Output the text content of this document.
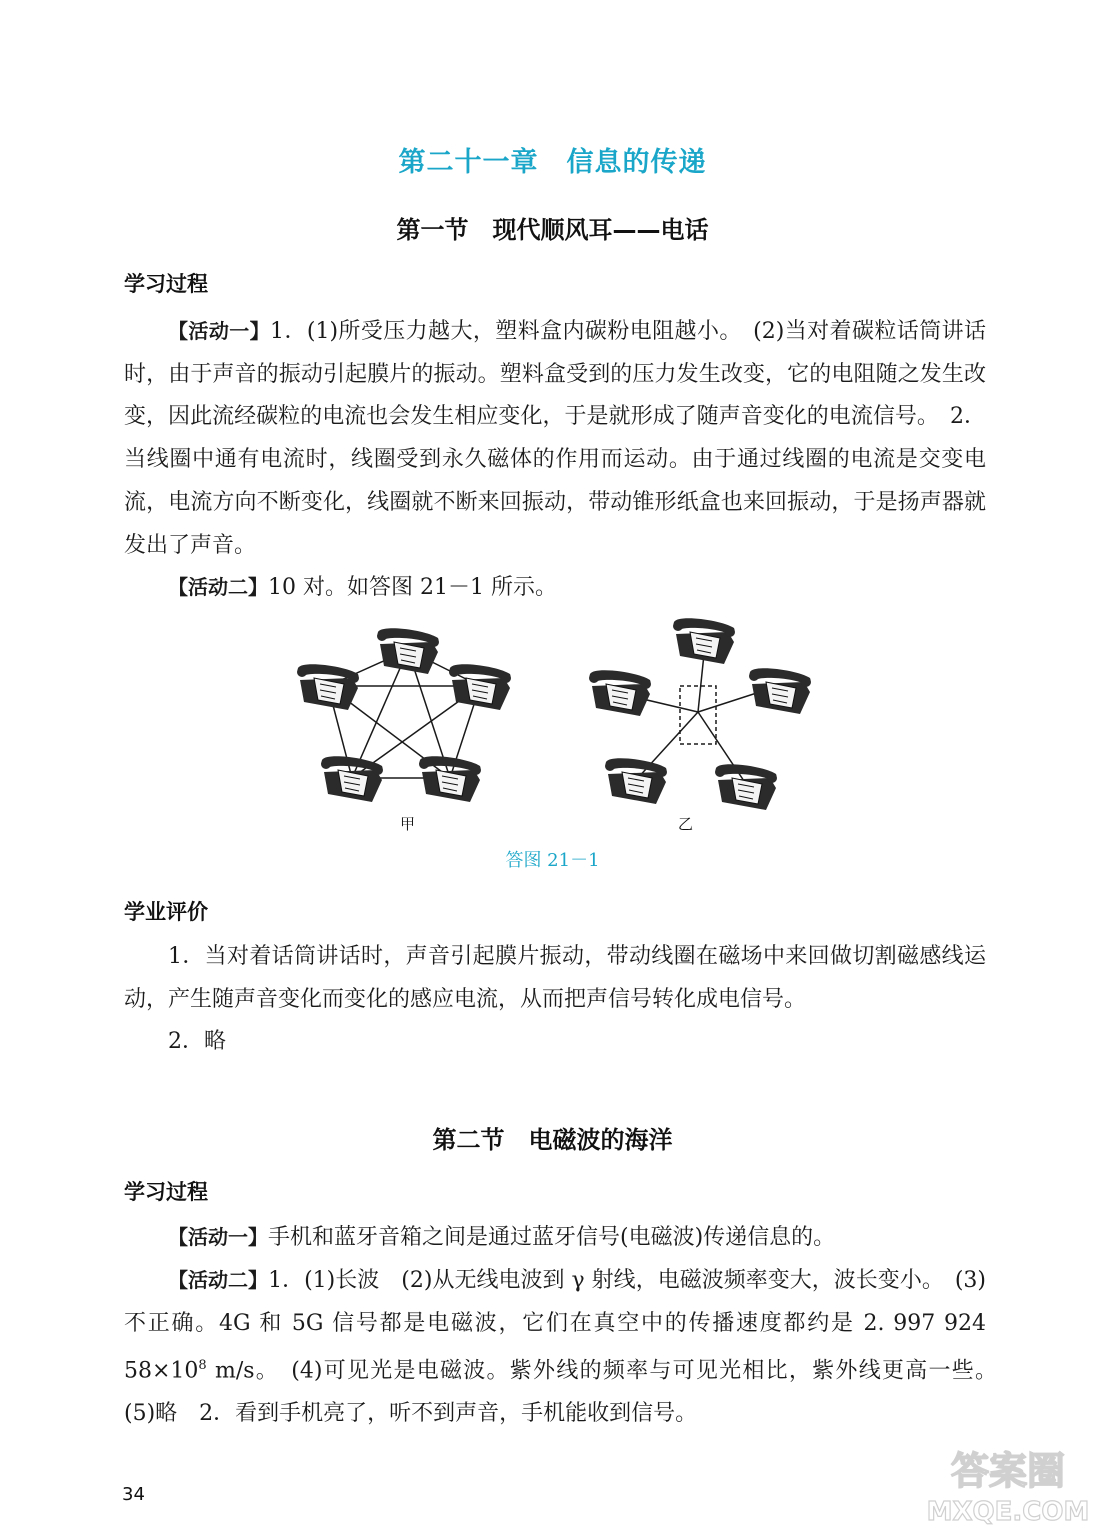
第二十一章　信息的传递
第一节　现代顺风耳——电话
学习过程

【活动一】1．(1)所受压力越大，塑料盒内碳粉电阻越小。　(2)当对着碳粒话筒讲话时，由于声音的振动引起膜片的振动。塑料盒受到的压力发生改变，它的电阻随之发生改变，因此流经碳粒的电流也会发生相应变化，于是就形成了随声音变化的电流信号。　2．当线圈中通有电流时，线圈受到永久磁体的作用而运动。由于通过线圈的电流是交变电流，电流方向不断变化，线圈就不断来回振动，带动锥形纸盒也来回振动，于是扬声器就发出了声音。

【活动二】10 对。如答图 21－1 所示。

甲	乙
答图 21－1
学业评价

1．当对着话筒讲话时，声音引起膜片振动，带动线圈在磁场中来回做切割磁感线运动，产生随声音变化而变化的感应电流，从而把声信号转化成电信号。

2．略

第二节　电磁波的海洋
学习过程

【活动一】手机和蓝牙音箱之间是通过蓝牙信号(电磁波)传递信息的。

【活动二】1．(1)长波　(2)从无线电波到 γ 射线，电磁波频率变大，波长变小。　(3)不正确。4G 和 5G 信号都是电磁波，它们在真空中的传播速度都约是 2. 997 924 $58\times 10^8$ m/s。　(4)可见光是电磁波。紫外线的频率与可见光相比，紫外线更高一些。　(5)略　2．看到手机亮了，听不到声音，手机能收到信号。

34
答案圈
MXQE.COM
